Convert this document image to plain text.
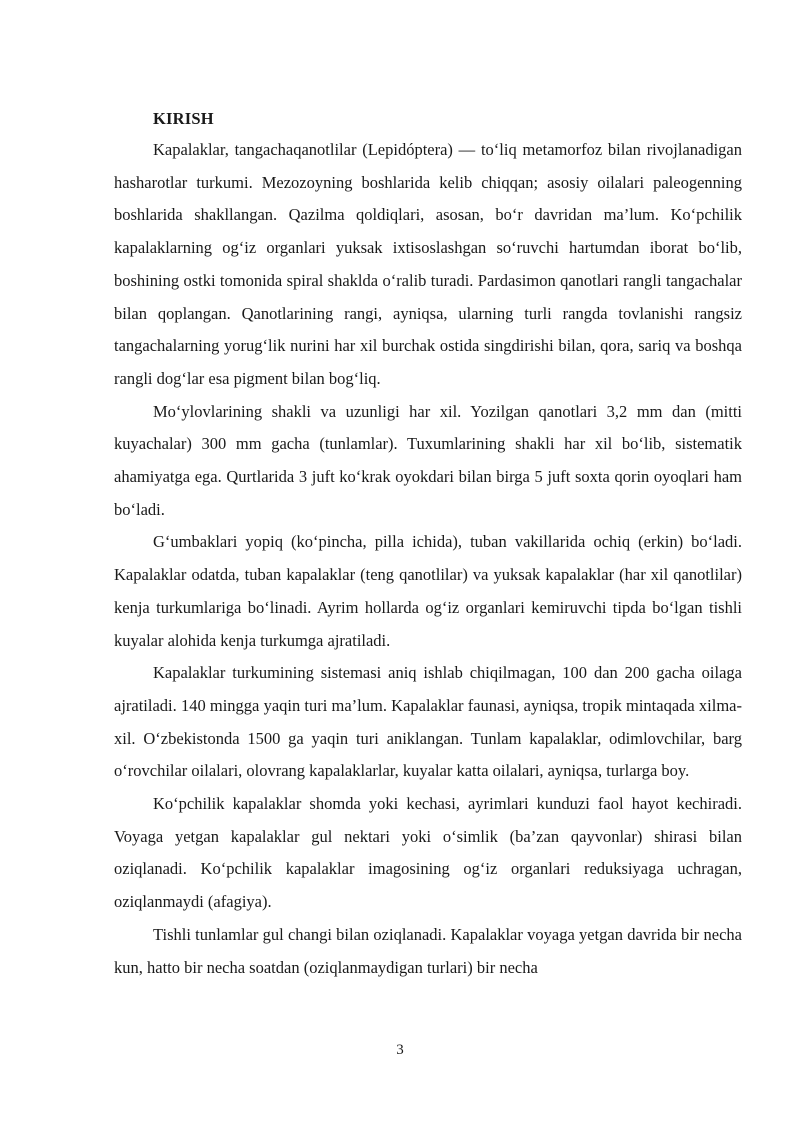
KIRISH

Kapalaklar, tangachaqanotlilar (Lepidóptera) — to‘liq metamorfoz bilan rivojlanadigan hasharotlar turkumi. Mezozoyning boshlarida kelib chiqqan; asosiy oilalari paleogenning boshlarida shakllangan. Qazilma qoldiqlari, asosan, bo‘r davridan ma’lum. Ko‘pchilik kapalaklarning og‘iz organlari yuksak ixtisoslashgan so‘ruvchi hartumdan iborat bo‘lib, boshining ostki tomonida spiral shaklda o‘ralib turadi. Pardasimon qanotlari rangli tangachalar bilan qoplangan. Qanotlarining rangi, ayniqsa, ularning turli rangda tovlanishi rangsiz tangachalarning yorug‘lik nurini har xil burchak ostida singdirishi bilan, qora, sariq va boshqa rangli dog‘lar esa pigment bilan bog‘liq.

Mo‘ylovlarining shakli va uzunligi har xil. Yozilgan qanotlari 3,2 mm dan (mitti kuyachalar) 300 mm gacha (tunlamlar). Tuxumlarining shakli har xil bo‘lib, sistematik ahamiyatga ega. Qurtlarida 3 juft ko‘krak oyokdari bilan birga 5 juft soxta qorin oyoqlari ham bo‘ladi.

G‘umbaklari yopiq (ko‘pincha, pilla ichida), tuban vakillarida ochiq (erkin) bo‘ladi. Kapalaklar odatda, tuban kapalaklar (teng qanotlilar) va yuksak kapalaklar (har xil qanotlilar) kenja turkumlariga bo‘linadi. Ayrim hollarda og‘iz organlari kemiruvchi tipda bo‘lgan tishli kuyalar alohida kenja turkumga ajratiladi.

Kapalaklar turkumining sistemasi aniq ishlab chiqilmagan, 100 dan 200 gacha oilaga ajratiladi. 140 mingga yaqin turi ma’lum. Kapalaklar faunasi, ayniqsa, tropik mintaqada xilma-xil. O‘zbekistonda 1500 ga yaqin turi aniklangan. Tunlam kapalaklar, odimlovchilar, barg o‘rovchilar oilalari, olovrang kapalaklarlar, kuyalar katta oilalari, ayniqsa, turlarga boy.

Ko‘pchilik kapalaklar shomda yoki kechasi, ayrimlari kunduzi faol hayot kechiradi. Voyaga yetgan kapalaklar gul nektari yoki o‘simlik (ba’zan qayvonlar) shirasi bilan oziqlanadi. Ko‘pchilik kapalaklar imagosining og‘iz organlari reduksiyaga uchragan, oziqlanmaydi (afagiya).

Tishli tunlamlar gul changi bilan oziqlanadi. Kapalaklar voyaga yetgan davrida bir necha kun, hatto bir necha soatdan (oziqlanmaydigan turlari) bir necha

3
